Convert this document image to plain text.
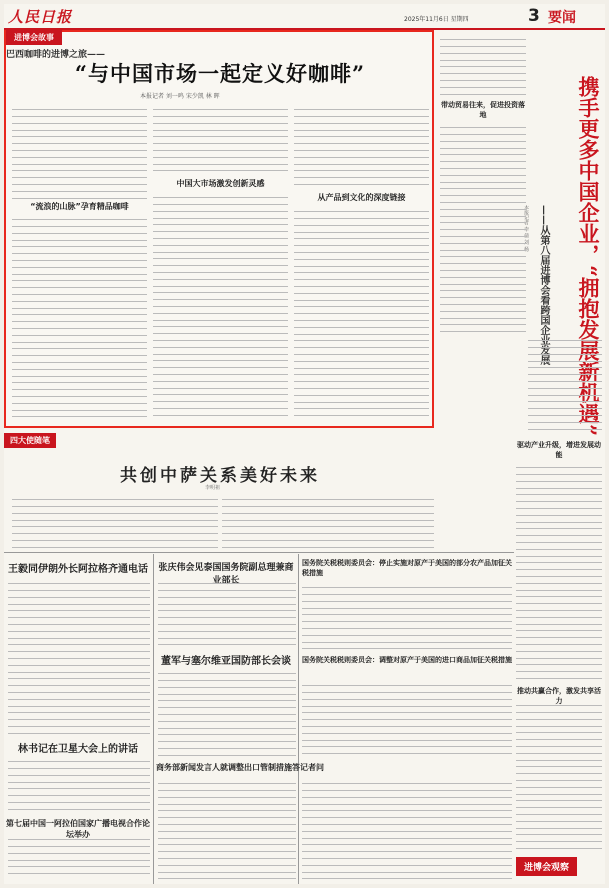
人民日报	2025年11月6日 星期四	3 要闻
进博会故事
巴西咖啡的进博之旅——
“与中国市场一起定义好咖啡”
本报记者 刘一鸣 宋少凯 林 晖
“流浪的山脉”孕育精品咖啡
中国大市场激发创新灵感
从产品到文化的深度链接	携手更多中国企业，“拥抱发展新机遇”
——从第八届进博会看跨国企业发展
本报记者 李 倩 刘 杨
带动贸易往来，促进投资落地
驱动产业升级，增进发展动能
推动共赢合作，激发共享活力
进博会观察
四大使随笔
共创中萨关系美好未来
李明祖
王毅同伊朗外长阿拉格齐通电话
林书记在卫星大会上的讲话
第七届中国一阿拉伯国家广播电视合作论坛举办
张庆伟会见泰国国务院副总理兼商业部长
董军与塞尔维亚国防部长会谈
商务部新闻发言人就调整出口管制措施答记者问
国务院关税税则委员会：停止实施对原产于美国的部分农产品加征关税措施
国务院关税税则委员会：调整对原产于美国的进口商品加征关税措施
